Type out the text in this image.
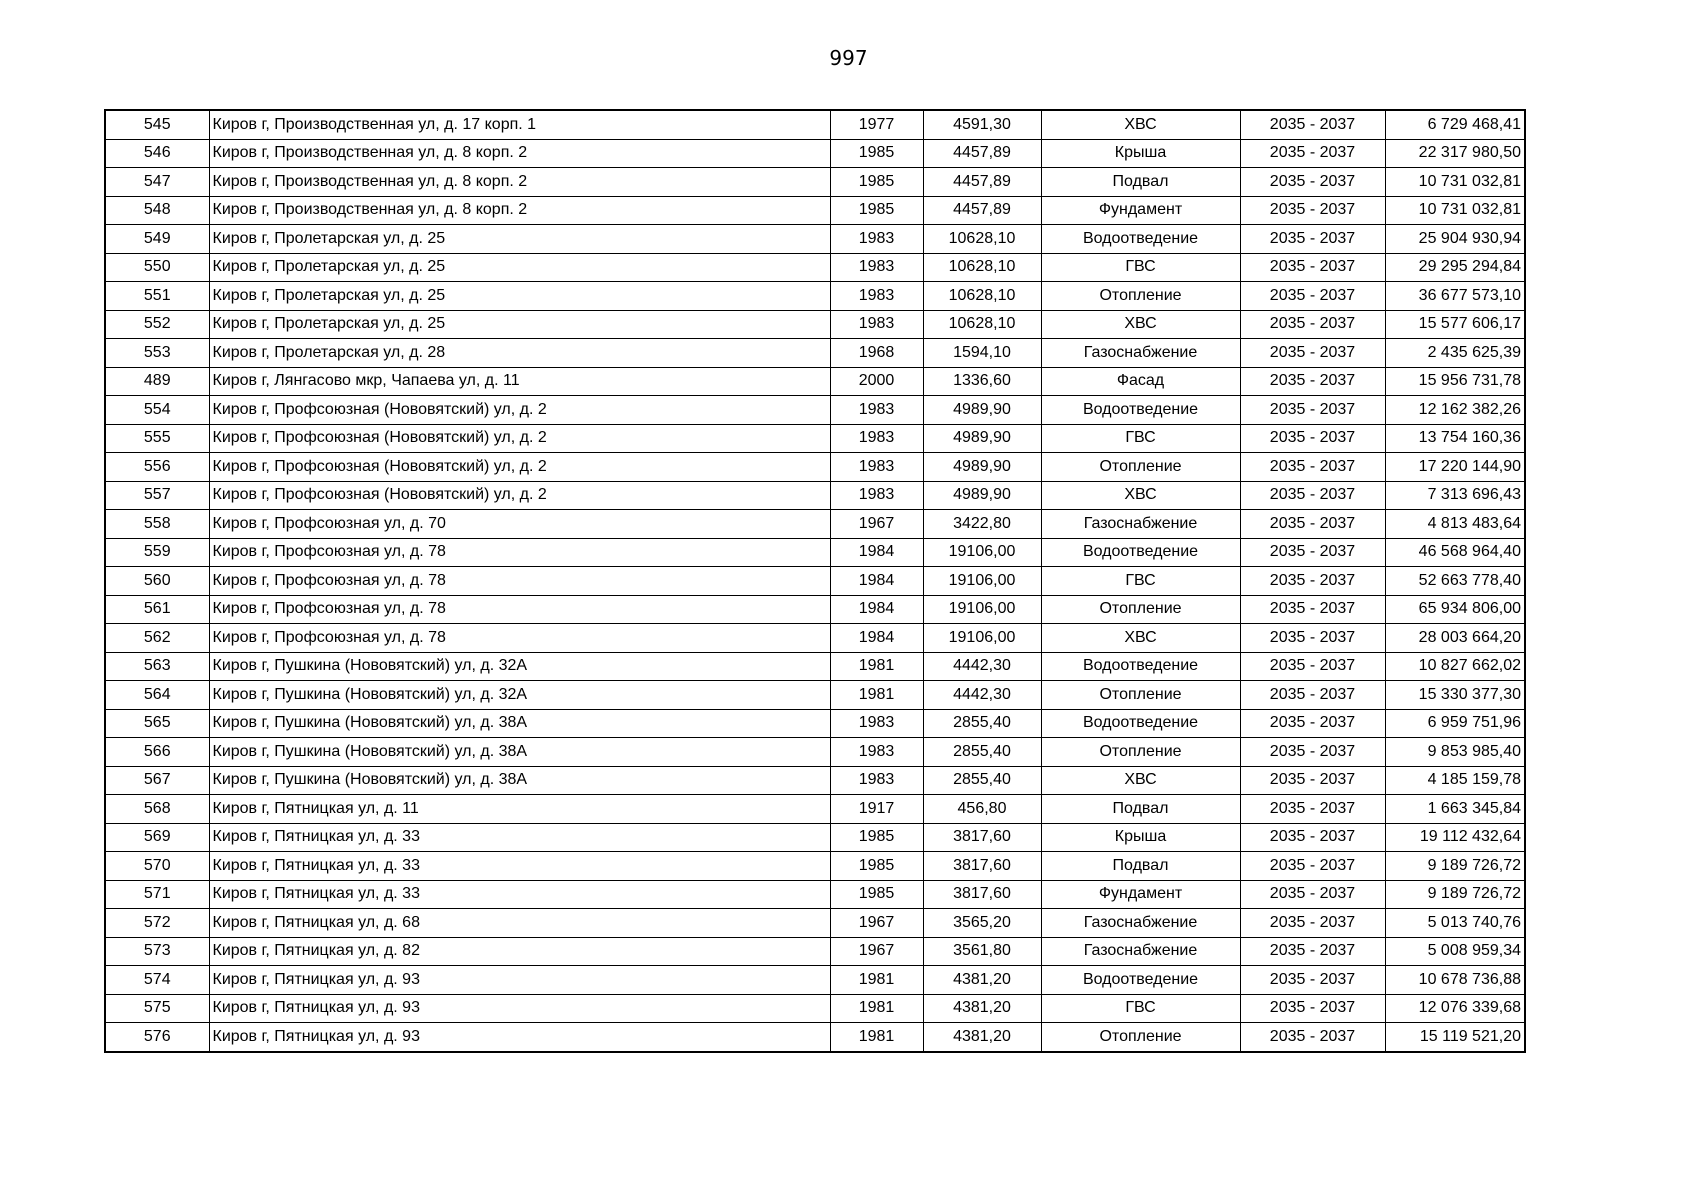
997
545	Киров г, Производственная ул, д. 17 корп. 1	1977	4591,30	ХВС	2035 - 2037	6 729 468,41
546	Киров г, Производственная ул, д. 8 корп. 2	1985	4457,89	Крыша	2035 - 2037	22 317 980,50
547	Киров г, Производственная ул, д. 8 корп. 2	1985	4457,89	Подвал	2035 - 2037	10 731 032,81
548	Киров г, Производственная ул, д. 8 корп. 2	1985	4457,89	Фундамент	2035 - 2037	10 731 032,81
549	Киров г, Пролетарская ул, д. 25	1983	10628,10	Водоотведение	2035 - 2037	25 904 930,94
550	Киров г, Пролетарская ул, д. 25	1983	10628,10	ГВС	2035 - 2037	29 295 294,84
551	Киров г, Пролетарская ул, д. 25	1983	10628,10	Отопление	2035 - 2037	36 677 573,10
552	Киров г, Пролетарская ул, д. 25	1983	10628,10	ХВС	2035 - 2037	15 577 606,17
553	Киров г, Пролетарская ул, д. 28	1968	1594,10	Газоснабжение	2035 - 2037	2 435 625,39
489	Киров г, Лянгасово мкр, Чапаева ул, д. 11	2000	1336,60	Фасад	2035 - 2037	15 956 731,78
554	Киров г, Профсоюзная (Нововятский) ул, д. 2	1983	4989,90	Водоотведение	2035 - 2037	12 162 382,26
555	Киров г, Профсоюзная (Нововятский) ул, д. 2	1983	4989,90	ГВС	2035 - 2037	13 754 160,36
556	Киров г, Профсоюзная (Нововятский) ул, д. 2	1983	4989,90	Отопление	2035 - 2037	17 220 144,90
557	Киров г, Профсоюзная (Нововятский) ул, д. 2	1983	4989,90	ХВС	2035 - 2037	7 313 696,43
558	Киров г, Профсоюзная ул, д. 70	1967	3422,80	Газоснабжение	2035 - 2037	4 813 483,64
559	Киров г, Профсоюзная ул, д. 78	1984	19106,00	Водоотведение	2035 - 2037	46 568 964,40
560	Киров г, Профсоюзная ул, д. 78	1984	19106,00	ГВС	2035 - 2037	52 663 778,40
561	Киров г, Профсоюзная ул, д. 78	1984	19106,00	Отопление	2035 - 2037	65 934 806,00
562	Киров г, Профсоюзная ул, д. 78	1984	19106,00	ХВС	2035 - 2037	28 003 664,20
563	Киров г, Пушкина (Нововятский) ул, д. 32А	1981	4442,30	Водоотведение	2035 - 2037	10 827 662,02
564	Киров г, Пушкина (Нововятский) ул, д. 32А	1981	4442,30	Отопление	2035 - 2037	15 330 377,30
565	Киров г, Пушкина (Нововятский) ул, д. 38А	1983	2855,40	Водоотведение	2035 - 2037	6 959 751,96
566	Киров г, Пушкина (Нововятский) ул, д. 38А	1983	2855,40	Отопление	2035 - 2037	9 853 985,40
567	Киров г, Пушкина (Нововятский) ул, д. 38А	1983	2855,40	ХВС	2035 - 2037	4 185 159,78
568	Киров г, Пятницкая ул, д. 11	1917	456,80	Подвал	2035 - 2037	1 663 345,84
569	Киров г, Пятницкая ул, д. 33	1985	3817,60	Крыша	2035 - 2037	19 112 432,64
570	Киров г, Пятницкая ул, д. 33	1985	3817,60	Подвал	2035 - 2037	9 189 726,72
571	Киров г, Пятницкая ул, д. 33	1985	3817,60	Фундамент	2035 - 2037	9 189 726,72
572	Киров г, Пятницкая ул, д. 68	1967	3565,20	Газоснабжение	2035 - 2037	5 013 740,76
573	Киров г, Пятницкая ул, д. 82	1967	3561,80	Газоснабжение	2035 - 2037	5 008 959,34
574	Киров г, Пятницкая ул, д. 93	1981	4381,20	Водоотведение	2035 - 2037	10 678 736,88
575	Киров г, Пятницкая ул, д. 93	1981	4381,20	ГВС	2035 - 2037	12 076 339,68
576	Киров г, Пятницкая ул, д. 93	1981	4381,20	Отопление	2035 - 2037	15 119 521,20
